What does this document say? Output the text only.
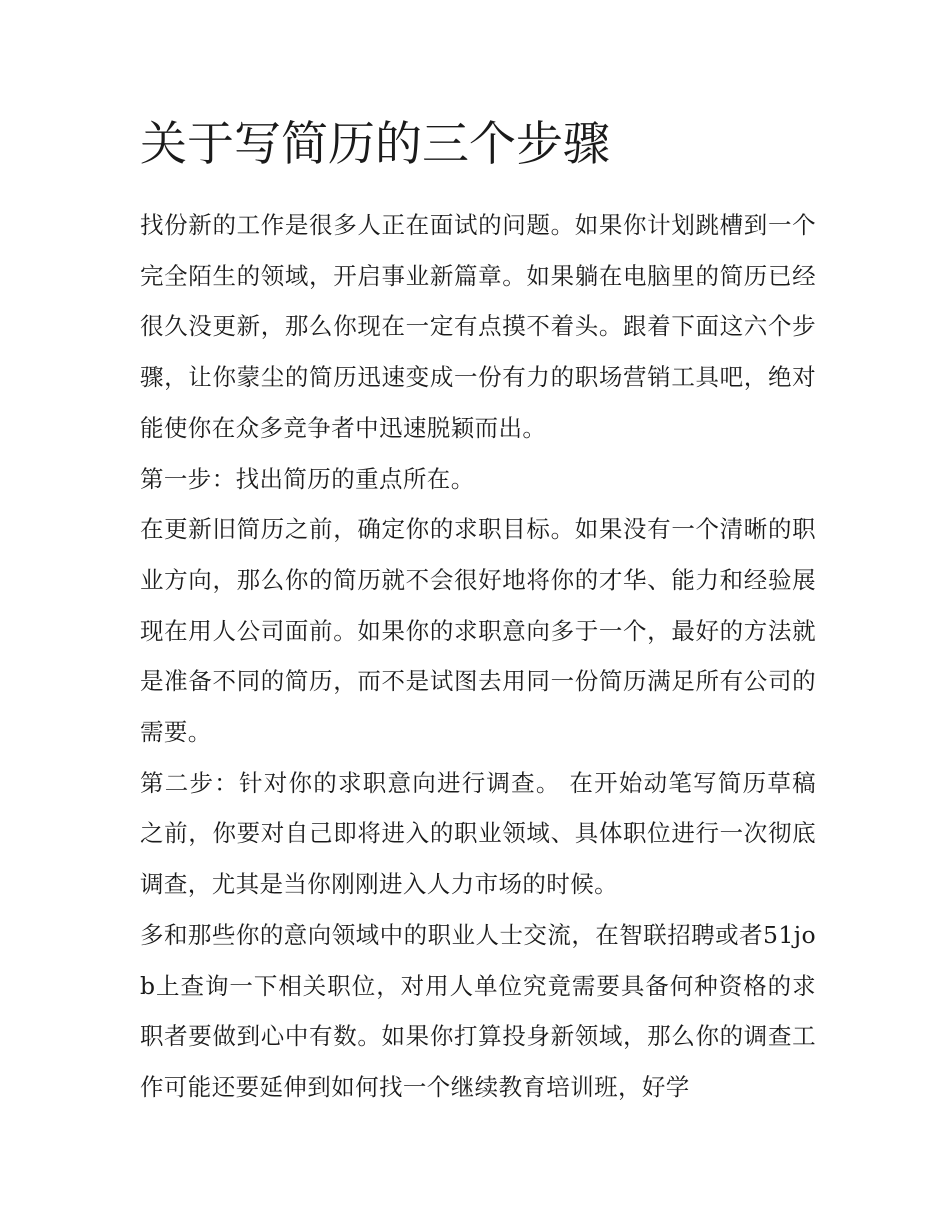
关于写简历的三个步骤

找份新的工作是很多人正在面试的问题。如果你计划跳槽到一个完全陌生的领域，开启事业新篇章。如果躺在电脑里的简历已经很久没更新，那么你现在一定有点摸不着头。跟着下面这六个步骤，让你蒙尘的简历迅速变成一份有力的职场营销工具吧，绝对能使你在众多竞争者中迅速脱颖而出。

第一步：找出简历的重点所在。

在更新旧简历之前，确定你的求职目标。如果没有一个清晰的职业方向，那么你的简历就不会很好地将你的才华、能力和经验展现在用人公司面前。如果你的求职意向多于一个，最好的方法就是准备不同的简历，而不是试图去用同一份简历满足所有公司的需要。

第二步：针对你的求职意向进行调查。 在开始动笔写简历草稿之前，你要对自己即将进入的职业领域、具体职位进行一次彻底调查，尤其是当你刚刚进入人力市场的时候。

多和那些你的意向领域中的职业人士交流，在智联招聘或者51job上查询一下相关职位，对用人单位究竟需要具备何种资格的求职者要做到心中有数。如果你打算投身新领域，那么你的调查工作可能还要延伸到如何找一个继续教育培训班，好学
